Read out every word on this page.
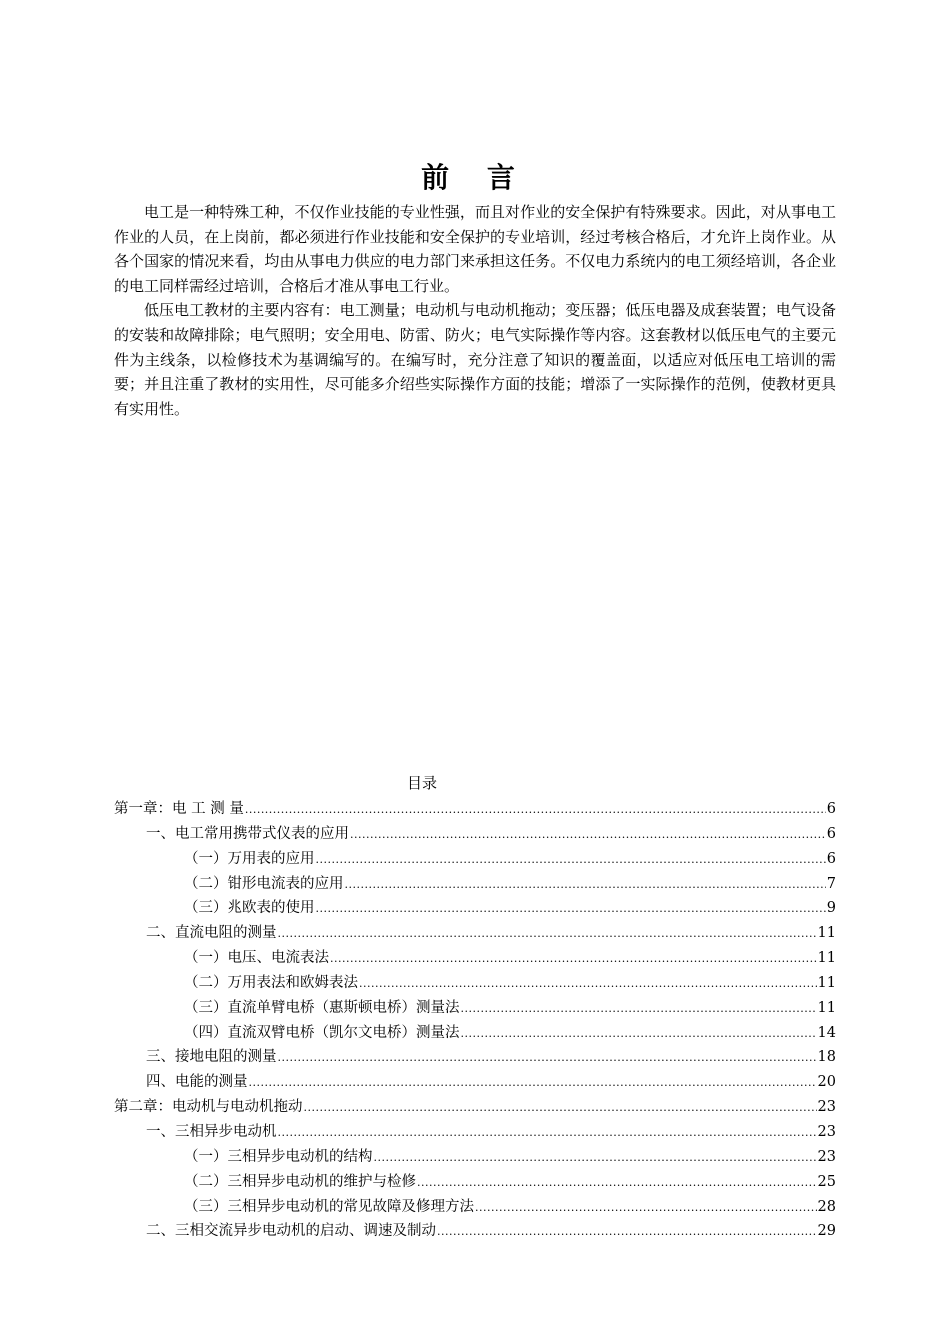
前 言

电工是一种特殊工种，不仅作业技能的专业性强，而且对作业的安全保护有特殊要求。因此，对从事电工作业的人员，在上岗前，都必须进行作业技能和安全保护的专业培训，经过考核合格后，才允许上岗作业。从各个国家的情况来看，均由从事电力供应的电力部门来承担这任务。不仅电力系统内的电工须经培训，各企业的电工同样需经过培训，合格后才准从事电工行业。

低压电工教材的主要内容有：电工测量；电动机与电动机拖动；变压器；低压电器及成套装置；电气设备的安装和故障排除；电气照明；安全用电、防雷、防火；电气实际操作等内容。这套教材以低压电气的主要元件为主线条，以检修技术为基调编写的。在编写时，充分注意了知识的覆盖面，以适应对低压电工培训的需要；并且注重了教材的实用性，尽可能多介绍些实际操作方面的技能；增添了一实际操作的范例，使教材更具有实用性。

目录
第一章：电 工 测 量 .....	6
一、电工常用携带式仪表的应用 .....	6
（一）万用表的应用 .....	6
（二）钳形电流表的应用 .....	7
（三）兆欧表的使用 .....	9
二、直流电阻的测量 .....	11
（一）电压、电流表法 .....	11
（二）万用表法和欧姆表法 .....	11
（三）直流单臂电桥（惠斯顿电桥）测量法 .....	11
（四）直流双臂电桥（凯尔文电桥）测量法 .....	14
三、接地电阻的测量 .....	18
四、电能的测量 .....	20
第二章：电动机与电动机拖动 .....	23
一、三相异步电动机 .....	23
（一）三相异步电动机的结构 .....	23
（二）三相异步电动机的维护与检修 .....	25
（三）三相异步电动机的常见故障及修理方法 .....	28
二、三相交流异步电动机的启动、调速及制动 .....	29
